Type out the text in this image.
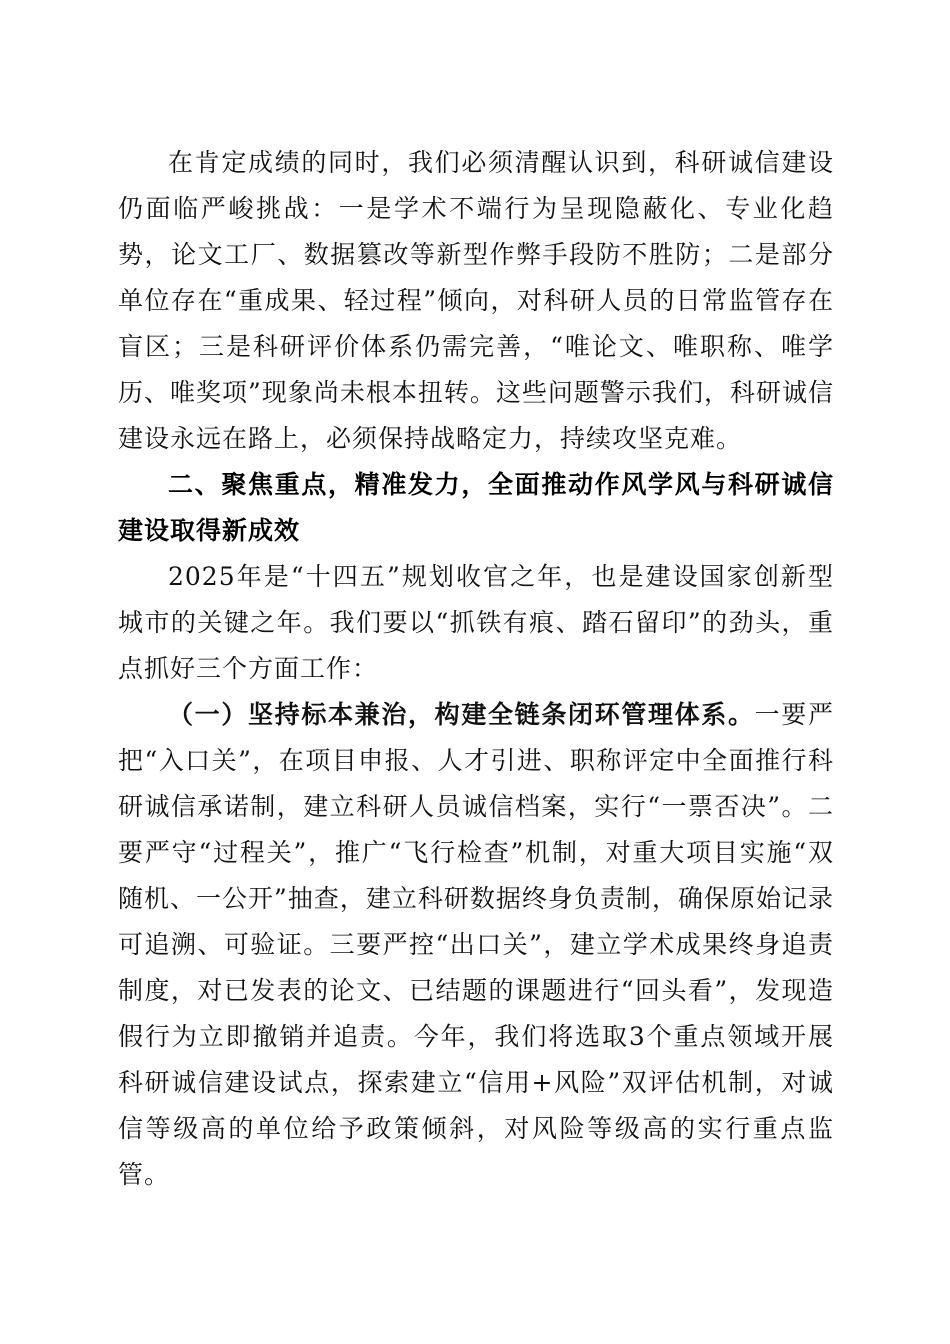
在肯定成绩的同时，我们必须清醒认识到，科研诚信建设仍面临严峻挑战：一是学术不端行为呈现隐蔽化、专业化趋势，论文工厂、数据篡改等新型作弊手段防不胜防；二是部分单位存在“重成果、轻过程”倾向，对科研人员的日常监管存在盲区；三是科研评价体系仍需完善，“唯论文、唯职称、唯学历、唯奖项”现象尚未根本扭转。这些问题警示我们，科研诚信建设永远在路上，必须保持战略定力，持续攻坚克难。

二、聚焦重点，精准发力，全面推动作风学风与科研诚信建设取得新成效

2025年是“十四五”规划收官之年，也是建设国家创新型城市的关键之年。我们要以“抓铁有痕、踏石留印”的劲头，重点抓好三个方面工作：

（一）坚持标本兼治，构建全链条闭环管理体系。一要严把“入口关”，在项目申报、人才引进、职称评定中全面推行科研诚信承诺制，建立科研人员诚信档案，实行“一票否决”。二要严守“过程关”，推广“飞行检查”机制，对重大项目实施“双随机、一公开”抽查，建立科研数据终身负责制，确保原始记录可追溯、可验证。三要严控“出口关”，建立学术成果终身追责制度，对已发表的论文、已结题的课题进行“回头看”，发现造假行为立即撤销并追责。今年，我们将选取3个重点领域开展科研诚信建设试点，探索建立“信用+风险”双评估机制，对诚信等级高的单位给予政策倾斜，对风险等级高的实行重点监管。
